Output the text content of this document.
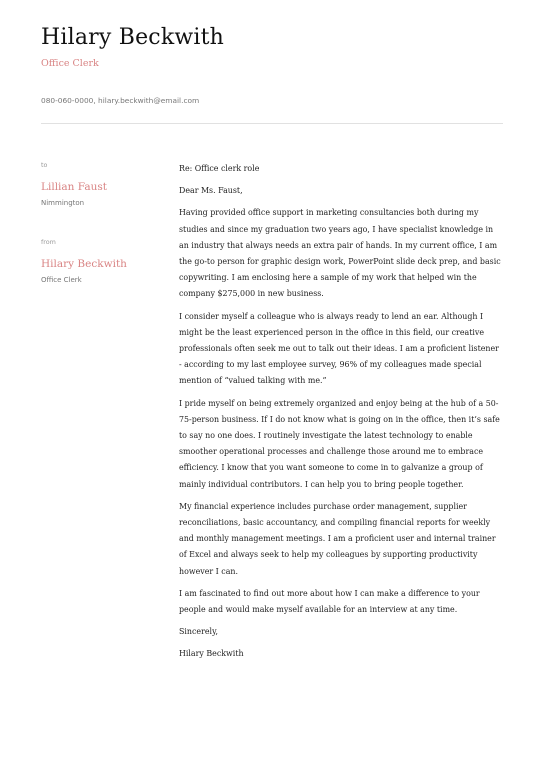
Hilary Beckwith
Office Clerk
080-060-0000, hilary.beckwith@email.com
to
Lillian Faust
Nimmington
from
Hilary Beckwith
Office Clerk
Re: Office clerk role
Dear Ms. Faust,

Having provided office support in marketing consultancies both during my studies and since my graduation two years ago, I have specialist knowledge in an industry that always needs an extra pair of hands. In my current office, I am the go-to person for graphic design work, PowerPoint slide deck prep, and basic copywriting. I am enclosing here a sample of my work that helped win the company $275,000 in new business.

I consider myself a colleague who is always ready to lend an ear. Although I might be the least experienced person in the office in this field, our creative professionals often seek me out to talk out their ideas. I am a proficient listener - according to my last employee survey, 96% of my colleagues made special mention of “valued talking with me.”

I pride myself on being extremely organized and enjoy being at the hub of a 50-75-person business. If I do not know what is going on in the office, then it’s safe to say no one does. I routinely investigate the latest technology to enable smoother operational processes and challenge those around me to embrace efficiency. I know that you want someone to come in to galvanize a group of mainly individual contributors. I can help you to bring people together.

My financial experience includes purchase order management, supplier reconciliations, basic accountancy, and compiling financial reports for weekly and monthly management meetings. I am a proficient user and internal trainer of Excel and always seek to help my colleagues by supporting productivity however I can.

I am fascinated to find out more about how I can make a difference to your people and would make myself available for an interview at any time.

Sincerely,
Hilary Beckwith
